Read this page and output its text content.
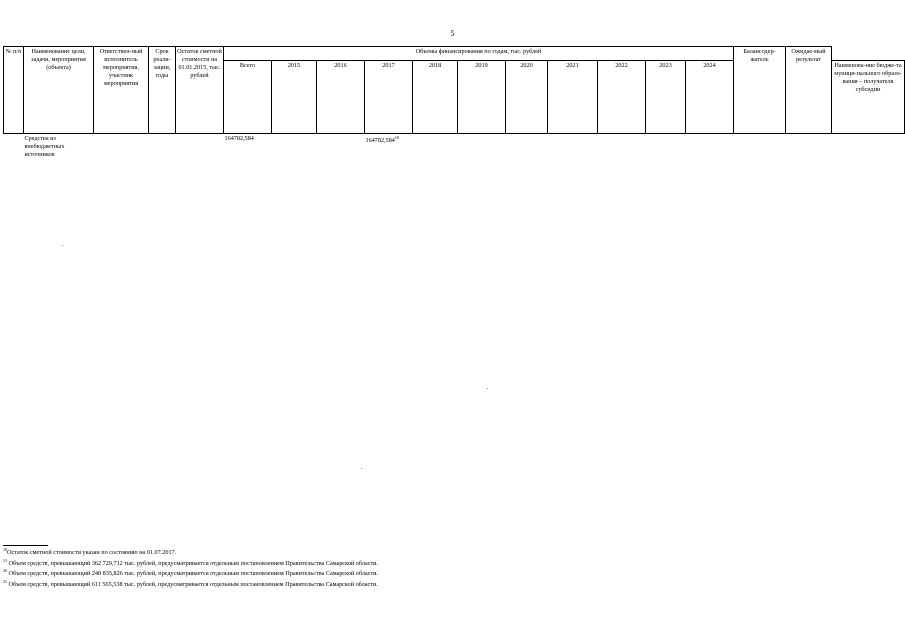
5
№ п/п	Наименование цели, задачи, мероприятия (объекта)	Ответствен-ный исполнитель мероприятия, участник мероприятия	Срок реали-зации, годы	Остаток сметной стоимости на 01.01.2015, тыс. рублей	Объемы финансирования по годам, тыс. рублей											Балансодер-жатель	Ожидае-мый результат	
					Всего	2015	2016	2017	2018	2019	2020	2021	2022	2023	2024			Наименова-ние бюдже-та муници-пального образо-вания – получателя субсидии
	Средства из внебюджетных источников				164782,584			164782,584$^{18}$										
$^{18}$Остаток сметной стоимости указан по состоянию на 01.07.2017.
$^{13}$ Объем средств, превышающий 362 729,712 тыс. рублей, предусматривается отдельным постановлением Правительства Самарской области.
$^{20}$ Объем средств, превышающий 248 835,826 тыс. рублей, предусматривается отдельным постановлением Правительства Самарской области.
$^{21}$ Объем средств, превышающий 611 565,538 тыс. рублей, предусматривается отдельным постановлением Правительства Самарской области.
